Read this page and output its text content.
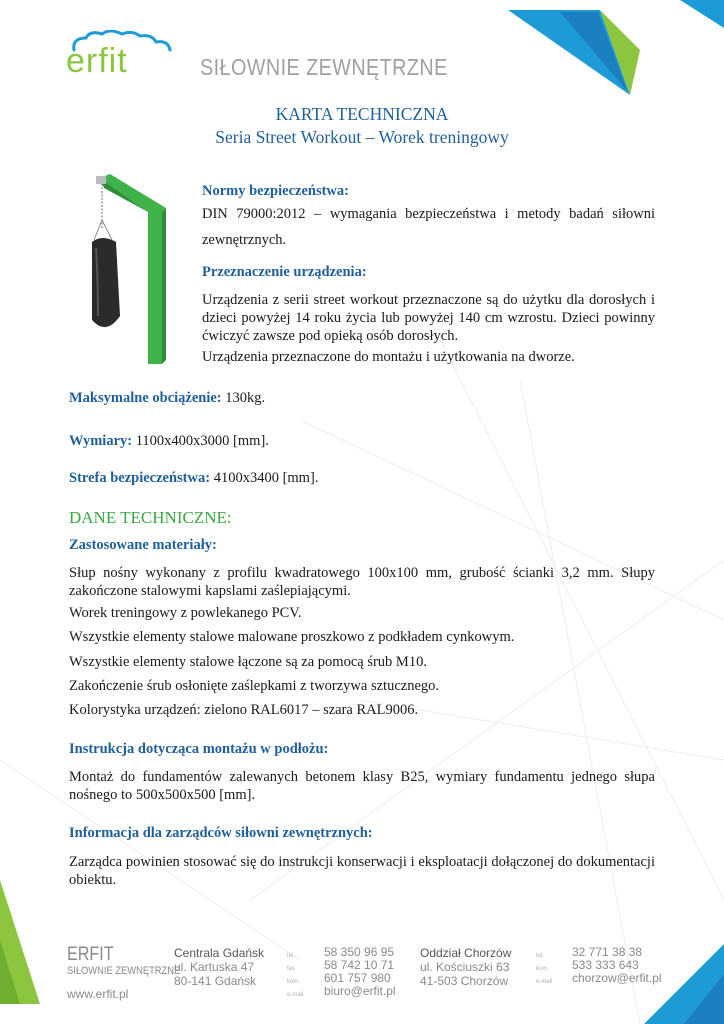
erfit	SIŁOWNIE ZEWNĘTRZNE
KARTA TECHNICZNA
Seria Street Workout – Worek treningowy
Normy bezpieczeństwa:

DIN 79000:2012 – wymagania bezpieczeństwa i metody badań siłowni zewnętrznych.

Przeznaczenie urządzenia:

Urządzenia z serii street workout przeznaczone są do użytku dla dorosłych i dzieci powyżej 14 roku życia lub powyżej 140 cm wzrostu. Dzieci powinny ćwiczyć zawsze pod opieką osób dorosłych.

Urządzenia przeznaczone do montażu i użytkowania na dworze.

Maksymalne obciążenie: 130kg.
Wymiary: 1100x400x3000 [mm].
Strefa bezpieczeństwa: 4100x3400 [mm].
DANE TECHNICZNE:
Zastosowane materiały:

Słup nośny wykonany z profilu kwadratowego 100x100 mm, grubość ścianki 3,2 mm. Słupy zakończone stalowymi kapslami zaślepiającymi.

Worek treningowy z powlekanego PCV.

Wszystkie elementy stalowe malowane proszkowo z podkładem cynkowym.

Wszystkie elementy stalowe łączone są za pomocą śrub M10.

Zakończenie śrub osłonięte zaślepkami z tworzywa sztucznego.

Kolorystyka urządzeń: zielono RAL6017 – szara RAL9006.

Instrukcja dotycząca montażu w podłożu:

Montaż do fundamentów zalewanych betonem klasy B25, wymiary fundamentu jednego słupa nośnego to 500x500x500 [mm].

Informacja dla zarządców siłowni zewnętrznych:

Zarządca powinien stosować się do instrukcji konserwacji i eksploatacji dołączonej do dokumentacji obiektu.

ERFIT
SIŁOWNIE ZEWNĘTRZNE
www.erfit.pl
Centrala Gdańsk
ul. Kartuska 47
80-141 Gdańsk
tel.
fax.
kom.
e-mail
58 350 96 95
58 742 10 71
601 757 980
biuro@erfit.pl
Oddział Chorzów
ul. Kościuszki 63
41-503 Chorzów
tel.
kom.
e-mail
32 771 38 38
533 333 643
chorzow@erfit.pl
